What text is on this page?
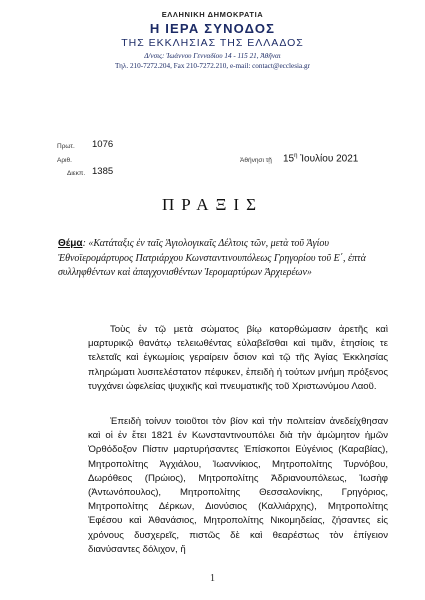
ΕΛΛΗΝΙΚΗ ΔΗΜΟΚΡΑΤΙΑ
Η ΙΕΡΑ ΣΥΝΟΔΟΣ
ΤΗΣ ΕΚΚΛΗΣΙΑΣ ΤΗΣ ΕΛΛΑΔΟΣ
Δ/νσις: Ἰωάννου Γενναδίου 14 - 115 21, Ἀθῆναι
Τηλ. 210-7272.204, Fax 210-7272.210, e-mail: contact@ecclesia.gr
Πρωτ. 1076
Αριθ.
Διεκπ. 1385
Ἀθήνησι τῇ $15^\eta$ Ἰουλίου 2021
ΠΡΑΞΙΣ
Θέμα: «Κατάταξις ἐν ταῖς Ἁγιολογικαῖς Δέλτοις τῶν, μετὰ τοῦ Ἁγίου Ἐθνοϊερομάρτυρος Πατριάρχου Κωνσταντινουπόλεως Γρηγορίου τοῦ Ε΄, ἐπτὰ συλληφθέντων καὶ ἀπαγχονισθέντων Ἱερομαρτύρων Ἀρχιερέων»
Τοὺς ἐν τῷ μετὰ σώματος βίῳ κατορθώμασιν ἀρετῆς καὶ μαρτυρικῷ θανάτῳ τελειωθέντας εὐλαβεῖσθαι καὶ τιμᾶν, ἐτησίοις τε τελεταῖς καὶ ἐγκωμίοις γεραίρειν ὅσιον καὶ τῷ τῆς Ἁγίας Ἐκκλησίας πληρώματι λυσιτελέστατον πέφυκεν, ἐπειδὴ ἡ τούτων μνήμη πρόξενος τυγχάνει ὠφελείας ψυχικῆς καὶ πνευματικῆς τοῦ Χριστωνύμου Λαοῦ.
Ἐπειδὴ τοίνυν τοιοῦτοι τὸν βίον καὶ τὴν πολιτείαν ἀνεδείχθησαν καὶ οἱ ἐν ἔτει 1821 ἐν Κωνσταντινουπόλει διὰ τὴν ἀμώμητον ἡμῶν Ὀρθόδοξον Πίστιν μαρτυρήσαντες Ἐπίσκοποι Εὐγένιος (Καραβίας), Μητροπολίτης Ἀγχιάλου, Ἰωαννίκιος, Μητροπολίτης Τυρνόβου, Δωρόθεος (Πρώιος), Μητροπολίτης Ἀδριανουπόλεως, Ἰωσὴφ (Ἀντωνόπουλος), Μητροπολίτης Θεσσαλονίκης, Γρηγόριος, Μητροπολίτης Δέρκων, Διονύσιος (Καλλιάρχης), Μητροπολίτης Ἐφέσου καὶ Ἀθανάσιος, Μητροπολίτης Νικομηδείας, ζήσαντες εἰς χρόνους δυσχερεῖς, πιστῶς δὲ καὶ θεαρέστως τὸν ἐπίγειον διανύσαντες δόλιχον, ἤ
1
